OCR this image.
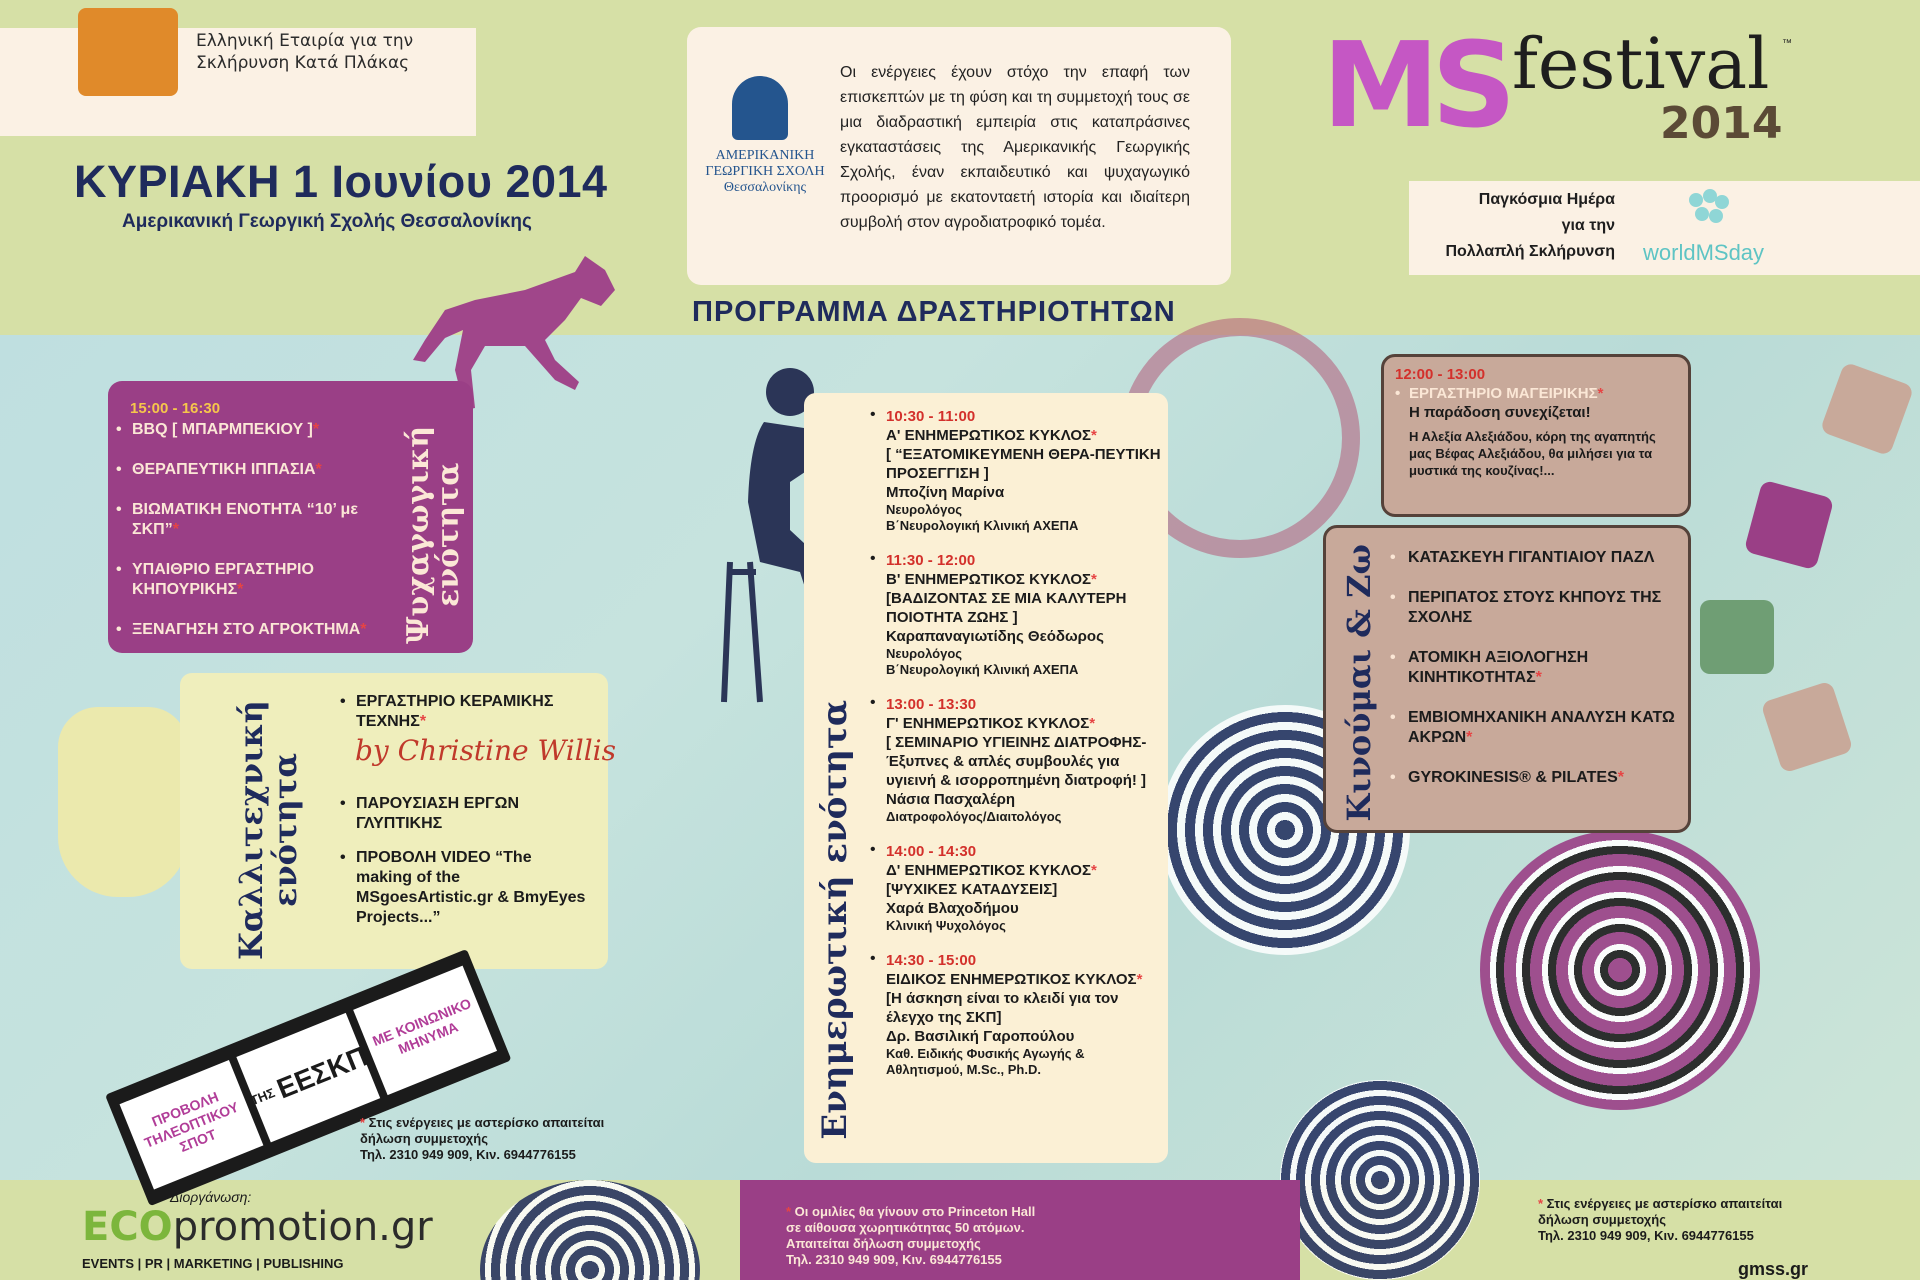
Ελληνική Εταιρία για την Σκλήρυνση Κατά Πλάκας
ΚΥΡΙΑΚΗ 1 Ιουνίου 2014
Αμερικανική Γεωργική Σχολής Θεσσαλονίκης
ΑΜΕΡΙΚΑΝΙΚΗ ΓΕΩΡΓΙΚΗ ΣΧΟΛΗ Θεσσαλονίκης
Οι ενέργειες έχουν στόχο την επαφή των επισκεπτών με τη φύση και τη συμμετοχή τους σε μια διαδραστική εμπειρία στις καταπράσινες εγκαταστάσεις της Αμερικανικής Γεωργικής Σχολής, έναν εκπαιδευτικό και ψυχαγωγικό προορισμό με εκατονταετή ιστορία και ιδιαίτερη συμβολή στον αγροδιατροφικό τομέα.
MS festival ™
2014
Παγκόσμια Ημέρα
για την
Πολλαπλή Σκλήρυνση worldMSday
ΠΡΟΓΡΑΜΜΑ ΔΡΑΣΤΗΡΙΟΤΗΤΩΝ
15:00 - 16:30
• BBQ [ ΜΠΑΡΜΠΕΚΙΟΥ ]*
• ΘΕΡΑΠΕΥΤΙΚΗ ΙΠΠΑΣΙΑ*
• ΒΙΩΜΑΤΙΚΗ ΕΝΟΤΗΤΑ “10’ με ΣΚΠ”*
• ΥΠΑΙΘΡΙΟ ΕΡΓΑΣΤΗΡΙΟ ΚΗΠΟΥΡΙΚΗΣ*
• ΞΕΝΑΓΗΣΗ ΣΤΟ ΑΓΡΟΚΤΗΜΑ*	Ψυχαγωγική ενότητα
Καλλιτεχνική ενότητα
• ΕΡΓΑΣΤΗΡΙΟ ΚΕΡΑΜΙΚΗΣ ΤΕΧΝΗΣ*
• ΠΑΡΟΥΣΙΑΣΗ ΕΡΓΩΝ ΓΛΥΠΤΙΚΗΣ
• ΠΡΟΒΟΛΗ VIDEO “The making of the MSgoesArtistic.gr & BmyEyes Projects...”
by Christine Willis
ΠΡΟΒΟΛΗ ΤΗΛΕΟΠΤΙΚΟΥ ΣΠΟΤ
ΤΗΣ

ΕΕΣΚΠ
ΜΕ ΚΟΙΝΩΝΙΚΟ ΜΗΝΥΜΑ
* Στις ενέργειες με αστερίσκο απαιτείται
δήλωση συμμετοχής
Τηλ. 2310 949 909, Κιν. 6944776155
Ενημερωτική ενότητα
• 10:30 - 11:00
Α' ΕΝΗΜΕΡΩΤΙΚΟΣ ΚΥΚΛΟΣ*
[ “ΕΞΑΤΟΜΙΚΕΥΜΕΝΗ ΘΕΡΑ-ΠΕΥΤΙΚΗ ΠΡΟΣΕΓΓΙΣΗ ]
Μποζίνη Μαρίνα
Νευρολόγος
Β΄Νευρολογική Κλινική ΑΧΕΠΑ
• 11:30 - 12:00
Β' ΕΝΗΜΕΡΩΤΙΚΟΣ ΚΥΚΛΟΣ*
[ΒΑΔΙΖΟΝΤΑΣ ΣΕ ΜΙΑ ΚΑΛΥΤΕΡΗ ΠΟΙΟΤΗΤΑ ΖΩΗΣ ]
Καραπαναγιωτίδης Θεόδωρος
Νευρολόγος
Β΄Νευρολογική Κλινική ΑΧΕΠΑ
• 13:00 - 13:30
Γ' ΕΝΗΜΕΡΩΤΙΚΟΣ ΚΥΚΛΟΣ*
[ ΣΕΜΙΝΑΡΙΟ ΥΓΙΕΙΝΗΣ ΔΙΑΤΡΟΦΗΣ-Έξυπνες & απλές συμβουλές για υγιεινή & ισορροπημένη διατροφή! ]
Νάσια Πασχαλέρη
Διατροφολόγος/Διαιτολόγος
• 14:00 - 14:30
Δ' ΕΝΗΜΕΡΩΤΙΚΟΣ ΚΥΚΛΟΣ*
[ΨΥΧΙΚΕΣ ΚΑΤΑΔΥΣΕΙΣ]
Χαρά Βλαχοδήμου
Κλινική Ψυχολόγος
• 14:30 - 15:00
ΕΙΔΙΚΟΣ ΕΝΗΜΕΡΩΤΙΚΟΣ ΚΥΚΛΟΣ*
[Η άσκηση είναι το κλειδί για τον έλεγχο της ΣΚΠ]
Δρ. Βασιλική Γαροπούλου
Καθ. Ειδικής Φυσικής Αγωγής & Αθλητισμού, M.Sc., Ph.D.
12:00 - 13:00
• ΕΡΓΑΣΤΗΡΙΟ ΜΑΓΕΙΡΙΚΗΣ*
Η παράδοση συνεχίζεται!
Η Αλεξία Αλεξιάδου, κόρη της αγαπητής μας Βέφας Αλεξιάδου, θα μιλήσει για τα μυστικά της κουζίνας!...
Κινούμαι & Ζω
•	ΚΑΤΑΣΚΕΥΗ ΓΙΓΑΝΤΙΑΙΟΥ ΠΑΖΛ
• ΠΕΡΙΠΑΤΟΣ ΣΤΟΥΣ ΚΗΠΟΥΣ ΤΗΣ ΣΧΟΛΗΣ
• ΑΤΟΜΙΚΗ ΑΞΙΟΛΟΓΗΣΗ ΚΙΝΗΤΙΚΟΤΗΤΑΣ*
• ΕΜΒΙΟΜΗΧΑΝΙΚΗ ΑΝΑΛΥΣΗ ΚΑΤΩ ΑΚΡΩΝ*
• GYROKINESIS® & PILATES*
* Οι ομιλίες θα γίνουν στο Princeton Hall
σε αίθουσα χωρητικότητας 50 ατόμων.
Απαιτείται δήλωση συμμετοχής
Τηλ. 2310 949 909, Κιν. 6944776155
* Στις ενέργειες με αστερίσκο απαιτείται
δήλωση συμμετοχής
Τηλ. 2310 949 909, Κιν. 6944776155
Διοργάνωση:
ECOpromotion.gr
EVENTS | PR | MARKETING | PUBLISHING	gmss.gr
